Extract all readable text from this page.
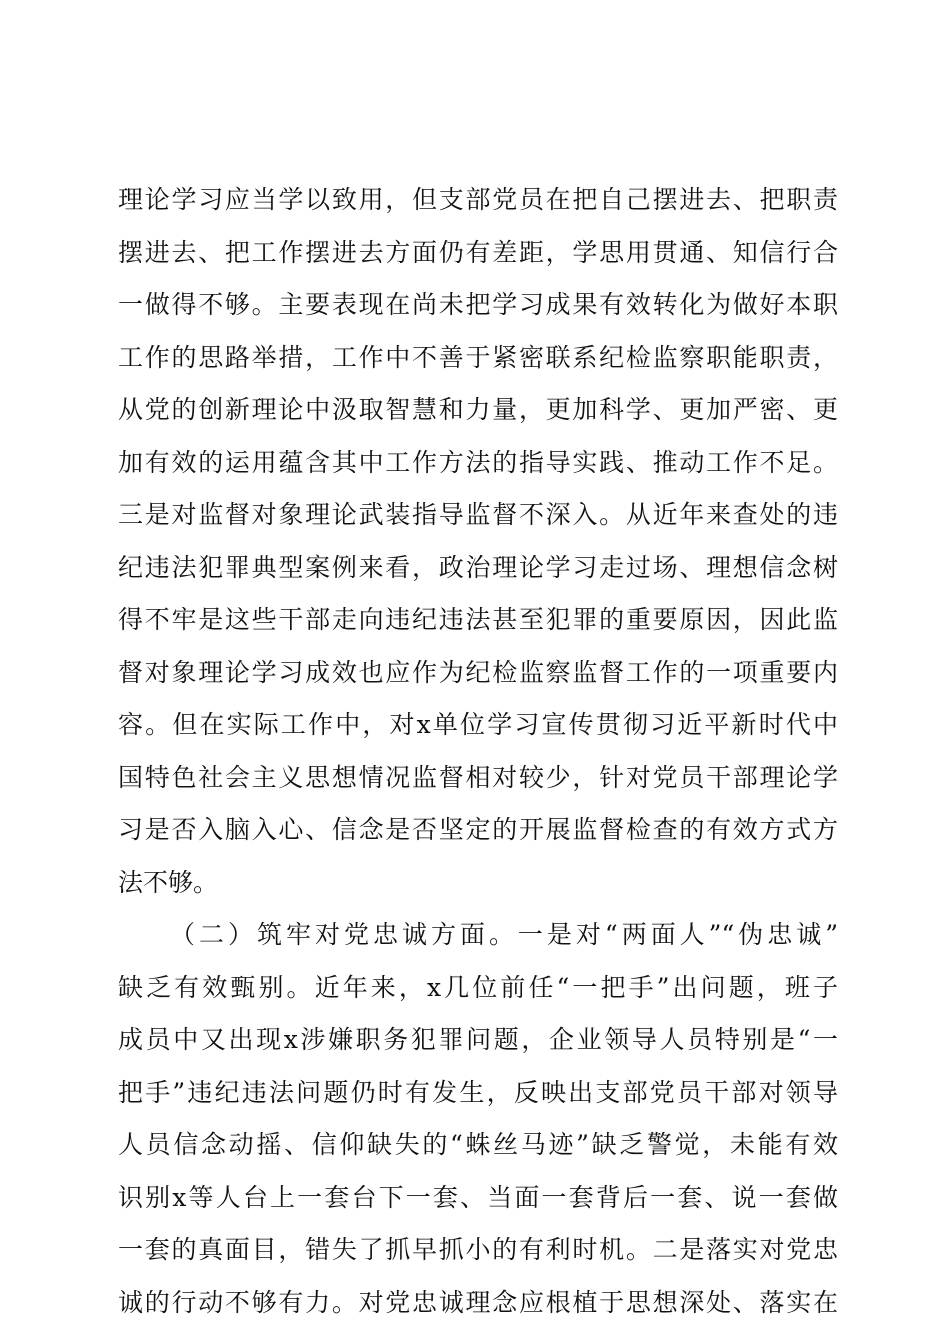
理论学习应当学以致用，但支部党员在把自己摆进去、把职责
摆进去、把工作摆进去方面仍有差距，学思用贯通、知信行合
一做得不够。主要表现在尚未把学习成果有效转化为做好本职
工作的思路举措，工作中不善于紧密联系纪检监察职能职责，
从党的创新理论中汲取智慧和力量，更加科学、更加严密、更
加有效的运用蕴含其中工作方法的指导实践、推动工作不足。
三是对监督对象理论武装指导监督不深入。从近年来查处的违
纪违法犯罪典型案例来看，政治理论学习走过场、理想信念树
得不牢是这些干部走向违纪违法甚至犯罪的重要原因，因此监
督对象理论学习成效也应作为纪检监察监督工作的一项重要内
容。但在实际工作中，对x单位学习宣传贯彻习近平新时代中
国特色社会主义思想情况监督相对较少，针对党员干部理论学
习是否入脑入心、信念是否坚定的开展监督检查的有效方式方
法不够。
（二）筑牢对党忠诚方面。一是对“两面人”“伪忠诚”
缺乏有效甄别。近年来，x几位前任“一把手”出问题，班子
成员中又出现x涉嫌职务犯罪问题，企业领导人员特别是“一
把手”违纪违法问题仍时有发生，反映出支部党员干部对领导
人员信念动摇、信仰缺失的“蛛丝马迹”缺乏警觉，未能有效
识别x等人台上一套台下一套、当面一套背后一套、说一套做
一套的真面目，错失了抓早抓小的有利时机。二是落实对党忠
诚的行动不够有力。对党忠诚理念应根植于思想深处、落实在
